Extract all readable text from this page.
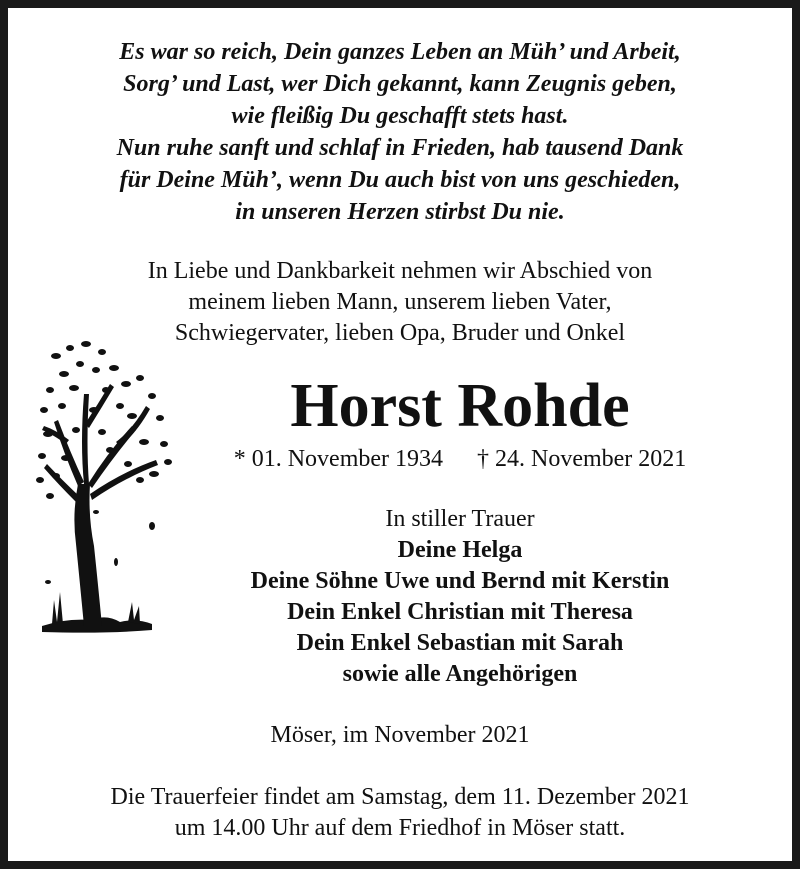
Es war so reich, Dein ganzes Leben an Müh’ und Arbeit,
Sorg’ und Last, wer Dich gekannt, kann Zeugnis geben,
wie fleißig Du geschafft stets hast.
Nun ruhe sanft und schlaf in Frieden, hab tausend Dank
für Deine Müh’, wenn Du auch bist von uns geschieden,
in unseren Herzen stirbst Du nie.
In Liebe und Dankbarkeit nehmen wir Abschied von
meinem lieben Mann, unserem lieben Vater,
Schwiegervater, lieben Opa, Bruder und Onkel
Horst Rohde
* 01. November 1934 † 24. November 2021
In stiller Trauer
Deine Helga
Deine Söhne Uwe und Bernd mit Kerstin
Dein Enkel Christian mit Theresa
Dein Enkel Sebastian mit Sarah
sowie alle Angehörigen
Möser, im November 2021
Die Trauerfeier findet am Samstag, dem 11. Dezember 2021
um 14.00 Uhr auf dem Friedhof in Möser statt.
